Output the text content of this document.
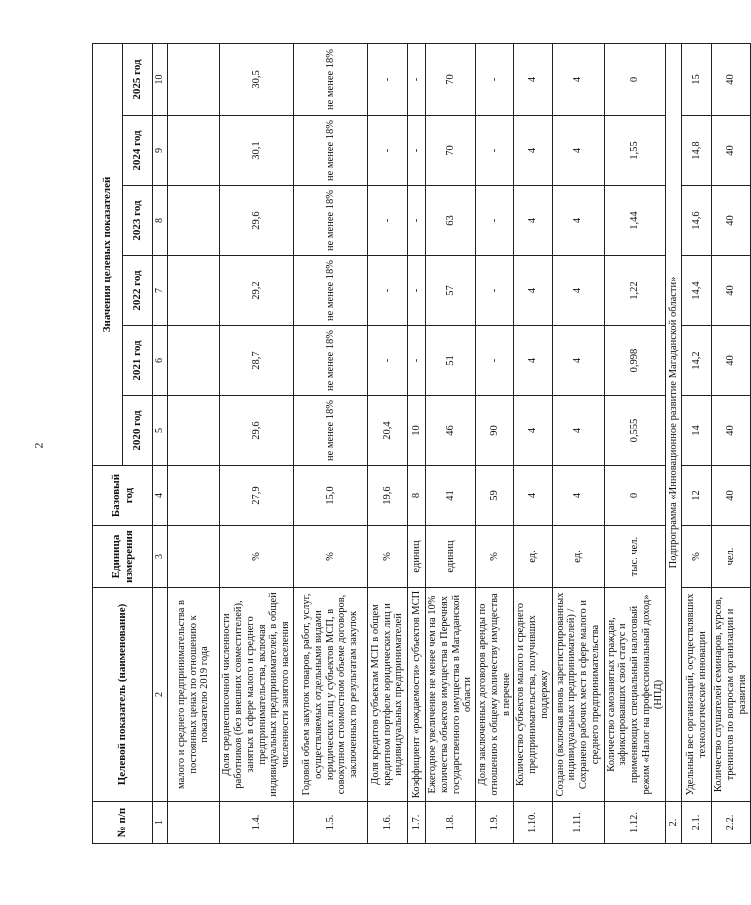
2
№ п/п	Целевой показатель (наименование)	Единица измерения	Базовый год	Значения целевых показателей					
				2020 год	2021 год	2022 год	2023 год	2024 год	2025 год
1	2	3	4	5	6	7	8	9	10
	малого и среднего предпринимательства в постоянных ценах по отношению к показателю 2019 года								
1.4.	Доля среднесписочной численности работников (без внешних совместителей), занятых в сфере малого и среднего предпринимательства, включая индивидуальных предпринимателей, в общей численности занятого населения	%	27,9	29,6	28,7	29,2	29,6	30,1	30,5
1.5.	Годовой объем закупок товаров, работ, услуг, осуществляемых отдельными видами юридических лиц у субъектов МСП, в совокупном стоимостном объеме договоров, заключенных по результатам закупок	%	15,0	не менее 18%	не менее 18%	не менее 18%	не менее 18%	не менее 18%	не менее 18%
1.6.	Доля кредитов субъектам МСП в общем кредитном портфеле юридических лиц и индивидуальных предпринимателей	%	19,6	20,4	-	-	-	-	-
1.7.	Коэффициент «рождаемости» субъектов МСП	единиц	8	10	-	-	-	-	-
1.8.	Ежегодное увеличение не менее чем на 10% количества объектов имущества в Перечнях государственного имущества в Магаданской области	единиц	41	46	51	57	63	70	70
1.9.	Доля заключенных договоров аренды по отношению к общему количеству имущества в перечне	%	59	90	-	-	-	-	-
1.10.	Количество субъектов малого и среднего предпринимательства, получивших поддержку	ед.	4	4	4	4	4	4	4
1.11.	Создано (включая вновь зарегистрированных индивидуальных предпринимателей) /Сохранено рабочих мест в сфере малого и среднего предпринимательства	ед.	4	4	4	4	4	4	4
1.12.	Количество самозанятых граждан, зафиксировавших свой статус и применяющих специальный налоговый режим «Налог на профессиональный доход» (НПД)	тыс. чел.	0	0,555	0,998	1,22	1,44	1,55	0
2.	Подпрограмма «Инновационное развитие Магаданской области»								
2.1.	Удельный вес организаций, осуществлявших технологические инновации	%	12	14	14,2	14,4	14,6	14,8	15
2.2.	Количество слушателей семинаров, курсов, тренингов по вопросам организации и развития	чел.	40	40	40	40	40	40	40
